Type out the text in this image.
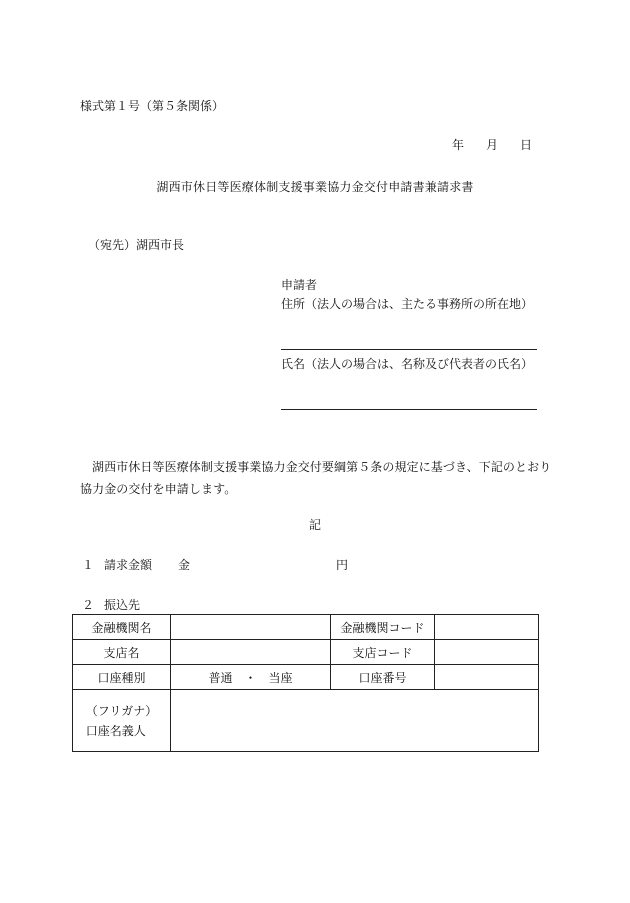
様式第１号（第５条関係）
年 月 日
湖西市休日等医療体制支援事業協力金交付申請書兼請求書
（宛先）湖西市長
申請者
住所（法人の場合は、主たる事務所の所在地）
氏名（法人の場合は、名称及び代表者の氏名）
湖西市休日等医療体制支援事業協力金交付要綱第５条の規定に基づき、下記のとおり協力金の交付を申請します。
記
１ 請求金額 金	円
２ 振込先
金融機関名		金融機関コード	
支店名		支店コード	
口座種別	普通　・　当座	口座番号	
（フリガナ）
口座名義人			
